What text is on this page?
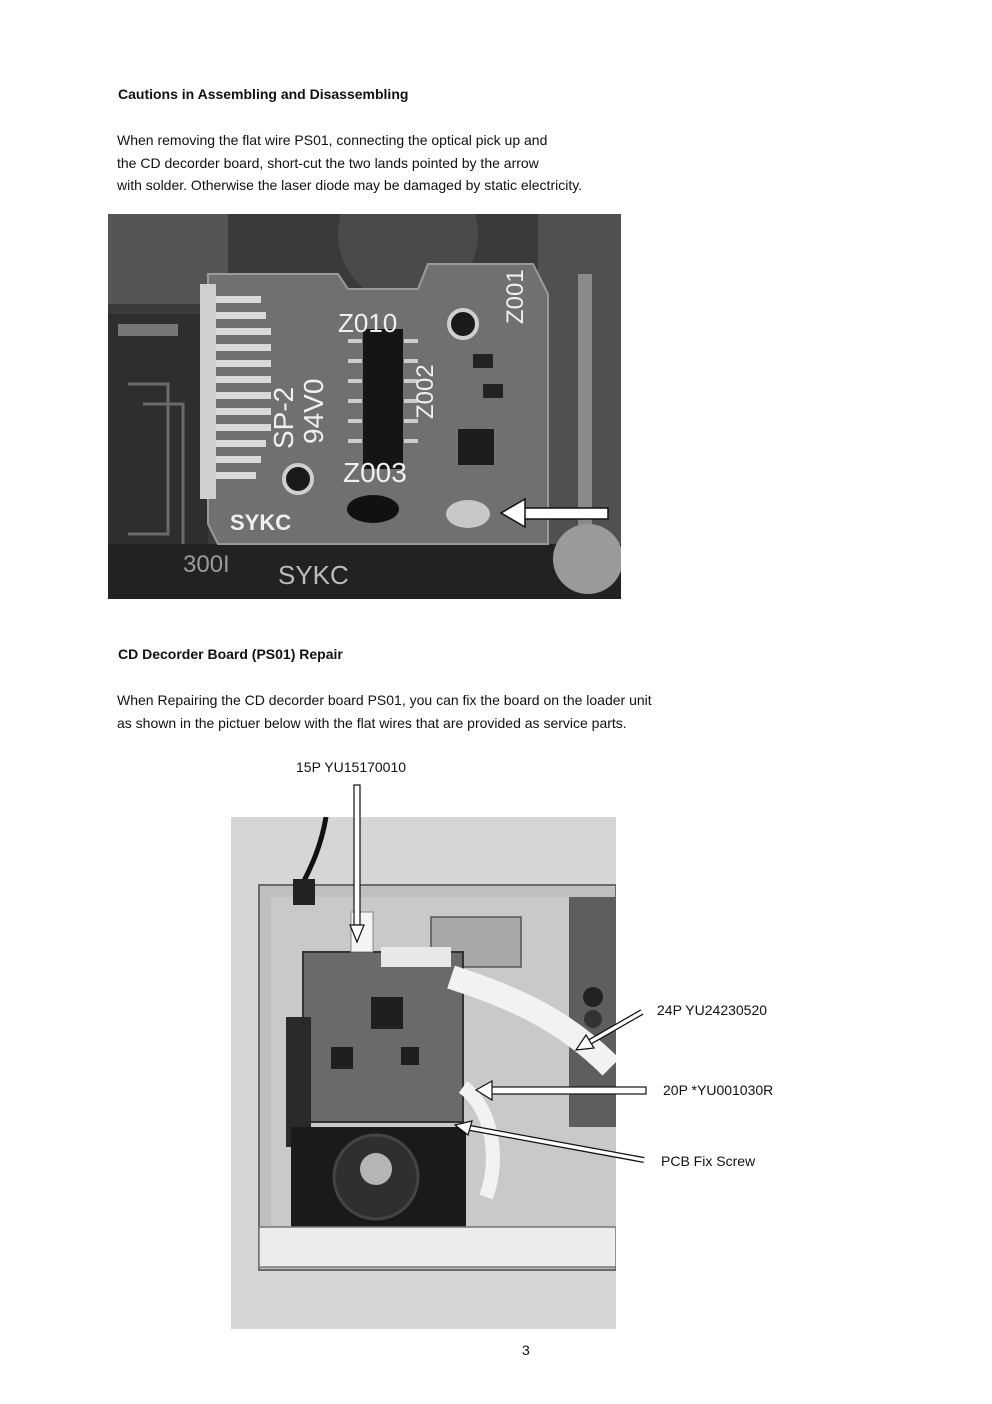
Cautions in Assembling and Disassembling
When removing the flat wire PS01, connecting the optical pick up and
the CD decorder board, short-cut the two lands pointed by the arrow
with solder. Otherwise the laser diode may be damaged by static electricity.
Z010	Z001
Z002
SP-2 94V0
Z003
SYKC
300I SYKC
CD Decorder Board (PS01) Repair
When Repairing the CD decorder board PS01, you can fix the board on the loader unit
as shown in the pictuer below with the flat wires that are provided as service parts.
15P YU15170010
24P YU24230520
20P *YU001030R
PCB Fix Screw
3
